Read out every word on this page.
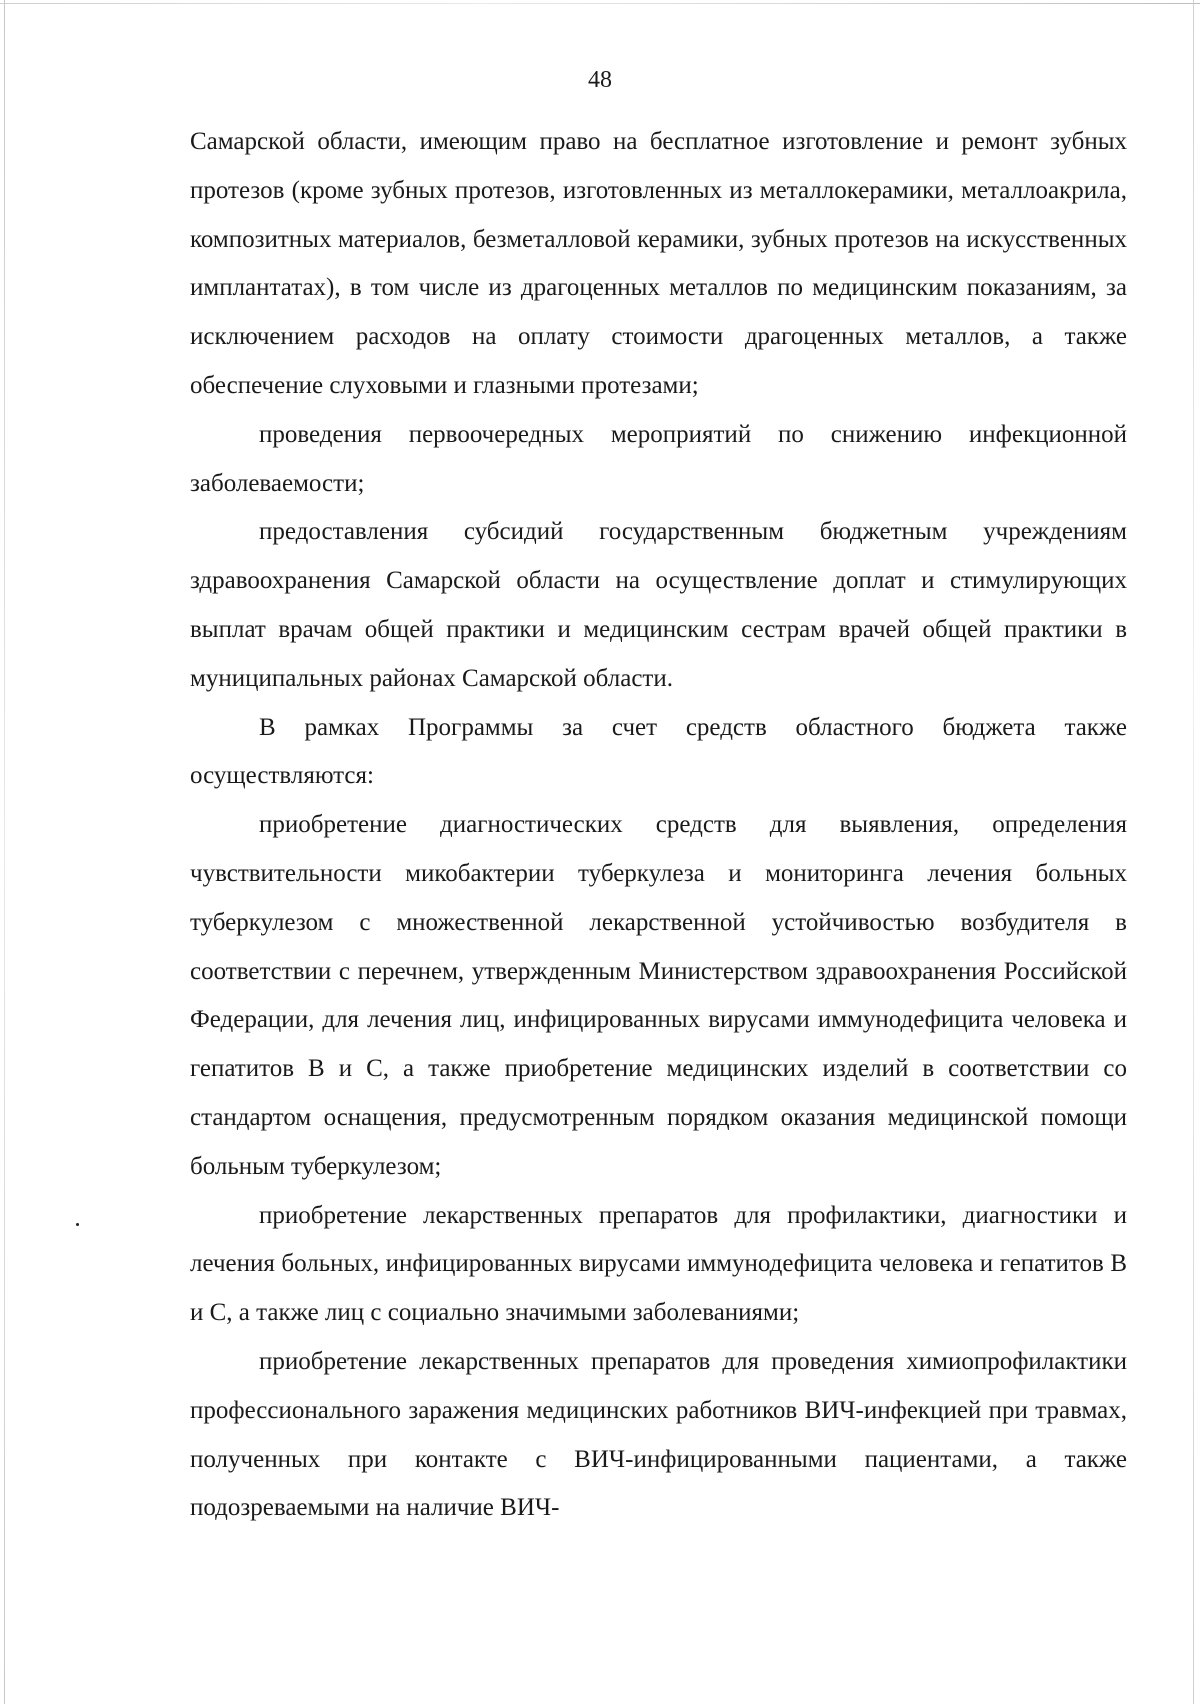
48

Самарской области, имеющим право на бесплатное изготовление и ремонт зубных протезов (кроме зубных протезов, изготовленных из металлокерамики, металлоакрила, композитных материалов, безметалловой керамики, зубных протезов на искусственных имплантатах), в том числе из драгоценных металлов по медицинским показаниям, за исключением расходов на оплату стоимости драгоценных металлов, а также обеспечение слуховыми и глазными протезами;

проведения первоочередных мероприятий по снижению инфекционной заболеваемости;

предоставления субсидий государственным бюджетным учреждениям здравоохранения Самарской области на осуществление доплат и стимулирующих выплат врачам общей практики и медицинским сестрам врачей общей практики в муниципальных районах Самарской области.

В рамках Программы за счет средств областного бюджета также осуществляются:

приобретение диагностических средств для выявления, определения чувствительности микобактерии туберкулеза и мониторинга лечения больных туберкулезом с множественной лекарственной устойчивостью возбудителя в соответствии с перечнем, утвержденным Министерством здравоохранения Российской Федерации, для лечения лиц, инфицированных вирусами иммунодефицита человека и гепатитов B и C, а также приобретение медицинских изделий в соответствии со стандартом оснащения, предусмотренным порядком оказания медицинской помощи больным туберкулезом;

приобретение лекарственных препаратов для профилактики, диагностики и лечения больных, инфицированных вирусами иммунодефицита человека и гепатитов B и C, а также лиц с социально значимыми заболеваниями;

приобретение лекарственных препаратов для проведения химиопрофилактики профессионального заражения медицинских работников ВИЧ-инфекцией при травмах, полученных при контакте с ВИЧ-инфицированными пациентами, а также подозреваемыми на наличие ВИЧ-
